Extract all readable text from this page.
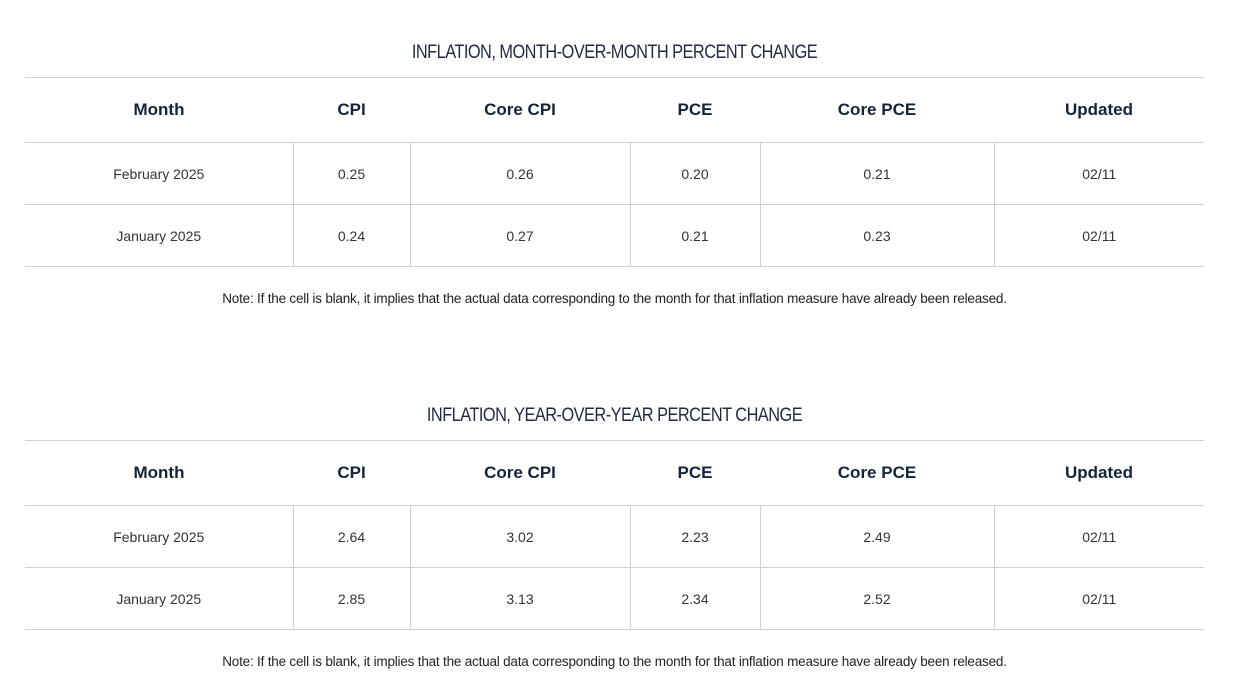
INFLATION, MONTH-OVER-MONTH PERCENT CHANGE
Month	CPI	Core CPI	PCE	Core PCE	Updated
February 2025	0.25	0.26	0.20	0.21	02/11
January 2025	0.24	0.27	0.21	0.23	02/11
Note: If the cell is blank, it implies that the actual data corresponding to the month for that inflation measure have already been released.
INFLATION, YEAR-OVER-YEAR PERCENT CHANGE
Month	CPI	Core CPI	PCE	Core PCE	Updated
February 2025	2.64	3.02	2.23	2.49	02/11
January 2025	2.85	3.13	2.34	2.52	02/11
Note: If the cell is blank, it implies that the actual data corresponding to the month for that inflation measure have already been released.
